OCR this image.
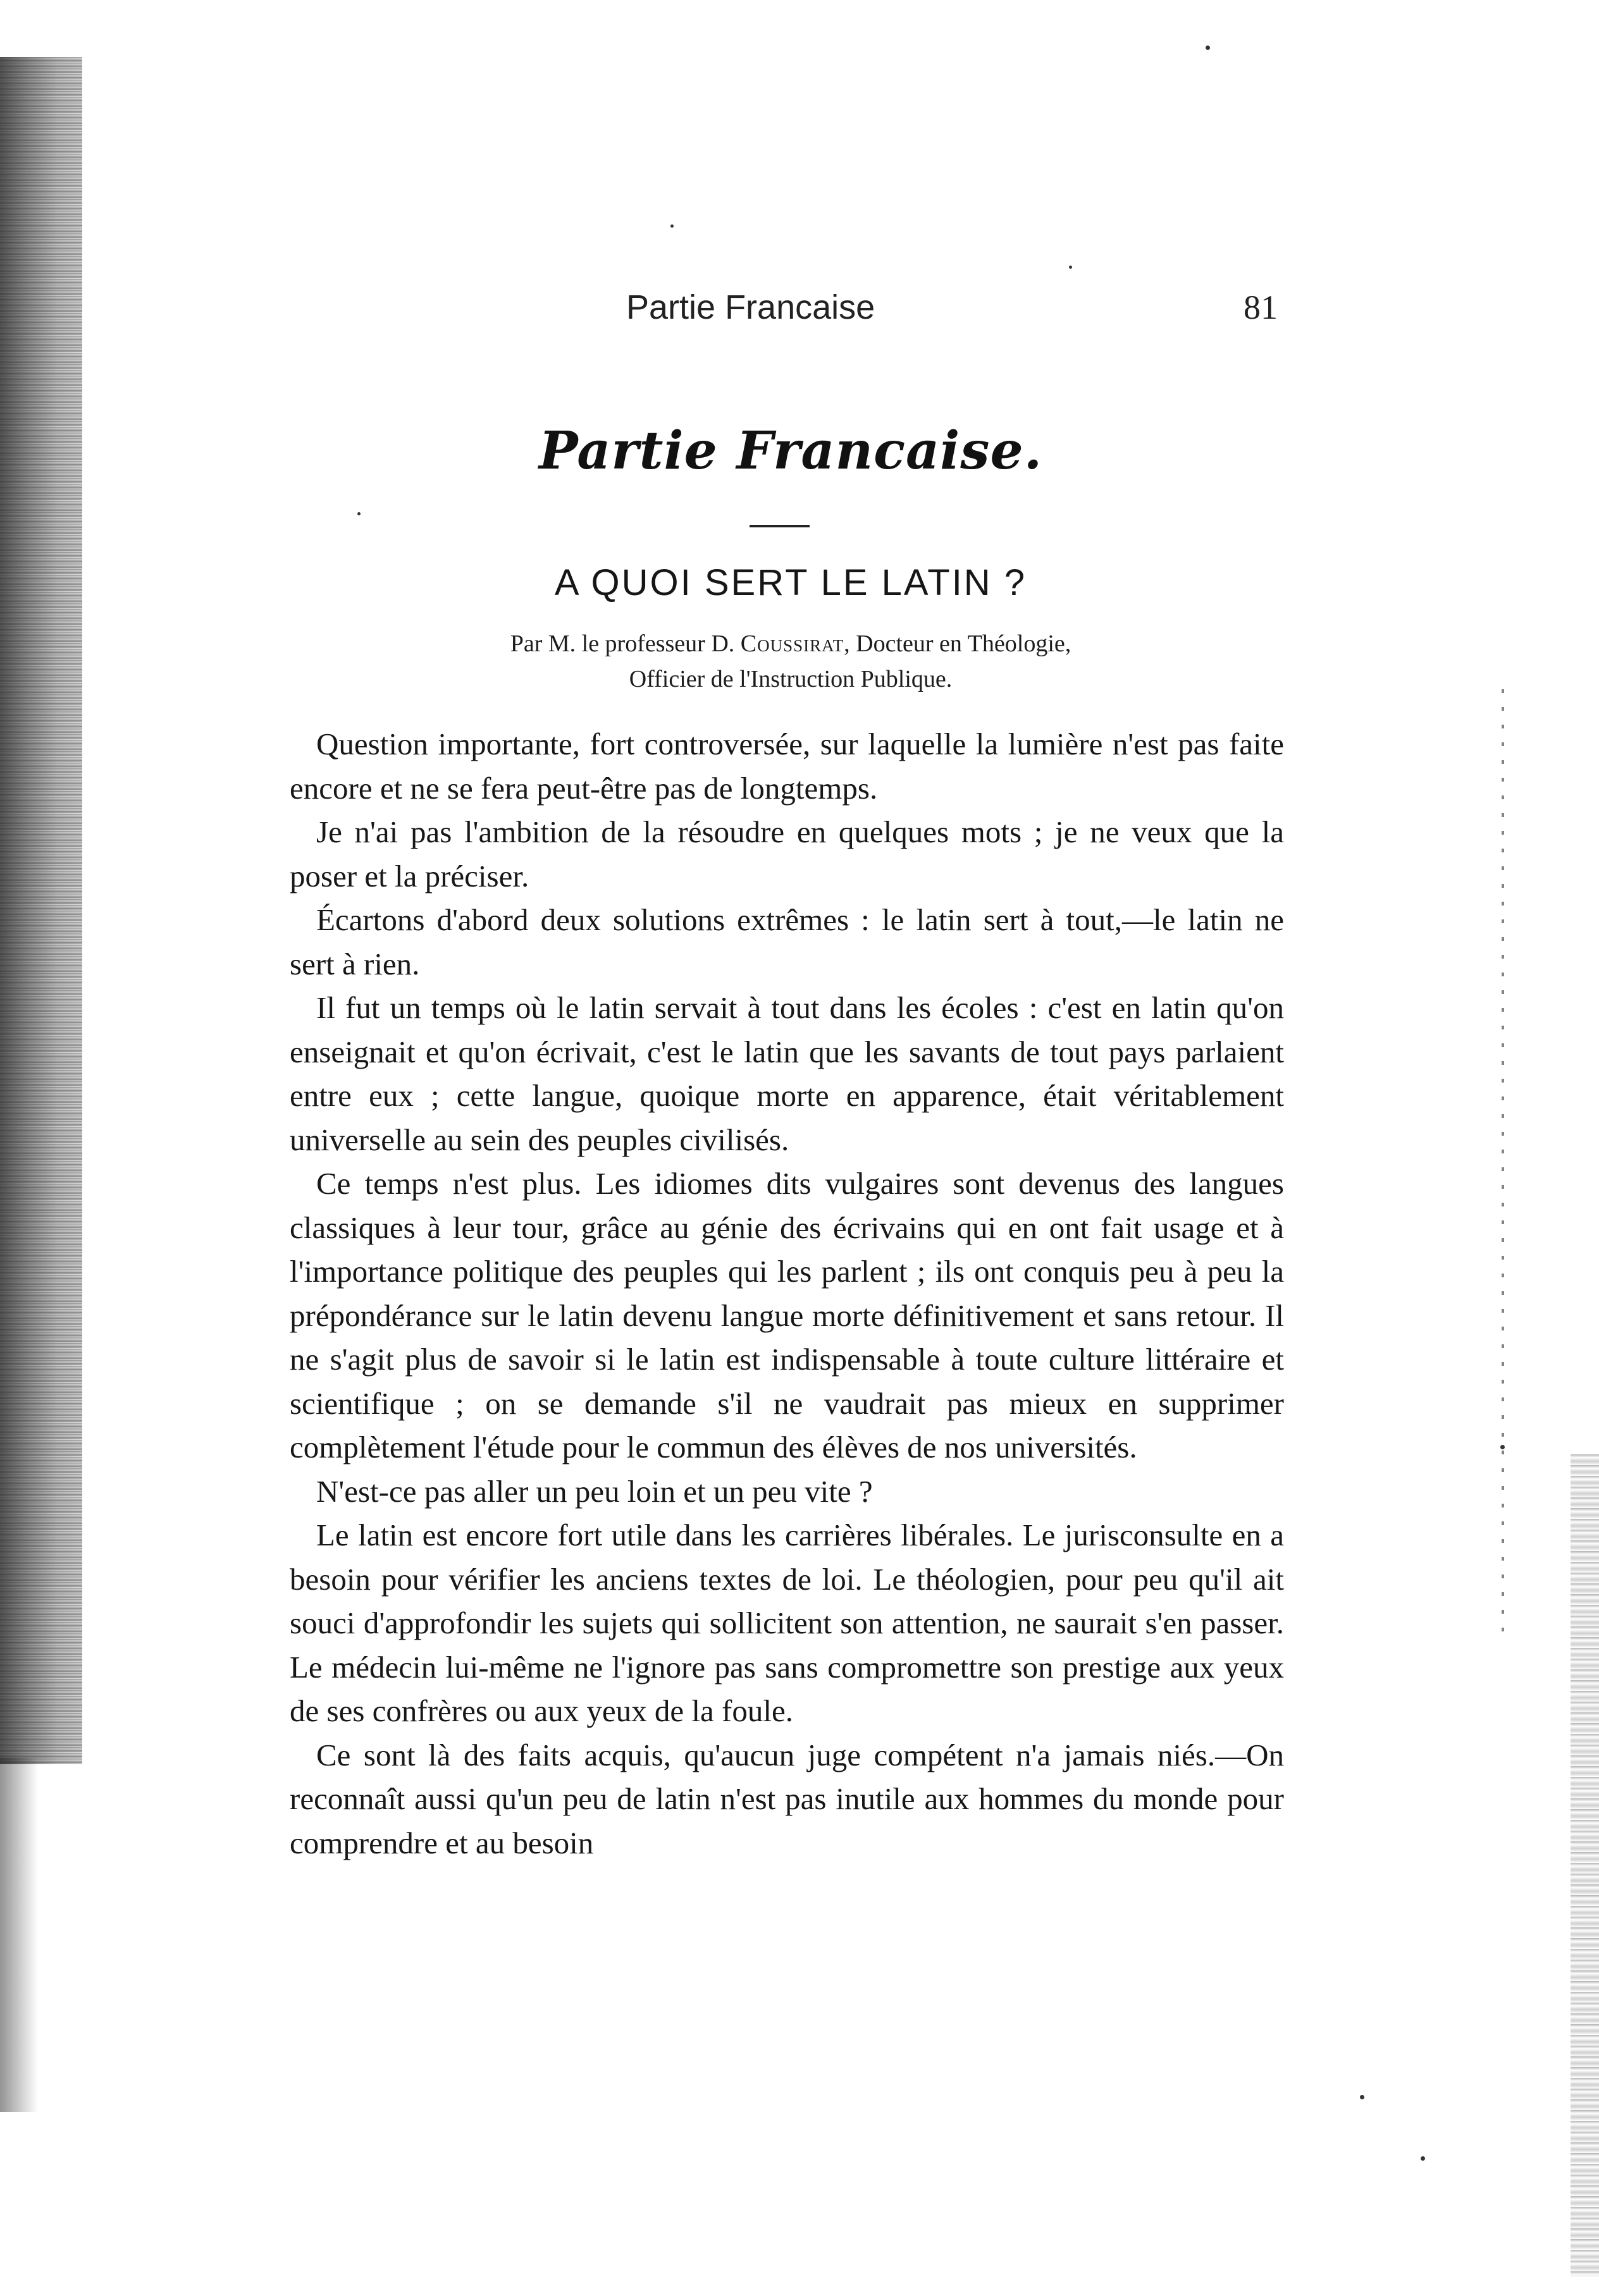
Partie Francaise	81
Partie Francaise.
A QUOI SERT LE LATIN ?
Par M. le professeur D. Coussirat, Docteur en Théologie,
Officier de l'Instruction Publique.

Question importante, fort controversée, sur laquelle la lumière n'est pas faite encore et ne se fera peut-être pas de longtemps.

Je n'ai pas l'ambition de la résoudre en quelques mots ; je ne veux que la poser et la préciser.

Écartons d'abord deux solutions extrêmes : le latin sert à tout,—le latin ne sert à rien.

Il fut un temps où le latin servait à tout dans les écoles : c'est en latin qu'on enseignait et qu'on écrivait, c'est le latin que les savants de tout pays parlaient entre eux ; cette langue, quoique morte en apparence, était véritablement universelle au sein des peuples civilisés.

Ce temps n'est plus. Les idiomes dits vulgaires sont devenus des langues classiques à leur tour, grâce au génie des écrivains qui en ont fait usage et à l'importance politique des peuples qui les parlent ; ils ont conquis peu à peu la prépondérance sur le latin devenu langue morte définitivement et sans retour. Il ne s'agit plus de savoir si le latin est indispensable à toute culture littéraire et scientifique ; on se demande s'il ne vaudrait pas mieux en supprimer complètement l'étude pour le commun des élèves de nos universités.

N'est-ce pas aller un peu loin et un peu vite ?

Le latin est encore fort utile dans les carrières libérales. Le jurisconsulte en a besoin pour vérifier les anciens textes de loi. Le théologien, pour peu qu'il ait souci d'approfondir les sujets qui sollicitent son attention, ne saurait s'en passer. Le médecin lui-même ne l'ignore pas sans compromettre son prestige aux yeux de ses confrères ou aux yeux de la foule.

Ce sont là des faits acquis, qu'aucun juge compétent n'a jamais niés.—On reconnaît aussi qu'un peu de latin n'est pas inutile aux hommes du monde pour comprendre et au besoin
